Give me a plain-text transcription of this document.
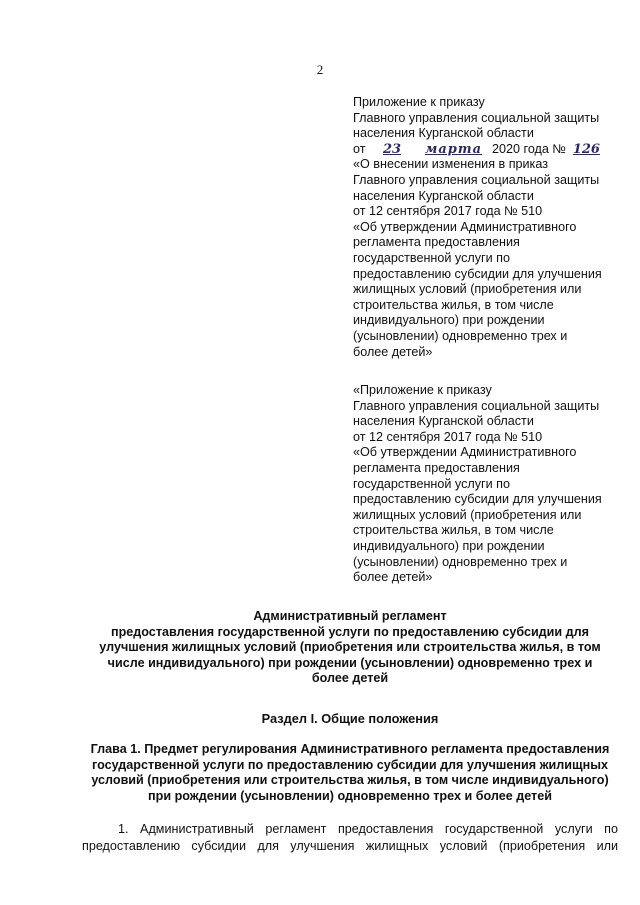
2
Приложение к приказу
Главного управления социальной защиты
населения Курганской области
от 23 марта 2020 года № 126
«О внесении изменения в приказ
Главного управления социальной защиты
населения Курганской области
от 12 сентября 2017 года № 510
«Об утверждении Административного
регламента предоставления
государственной услуги по
предоставлению субсидии для улучшения
жилищных условий (приобретения или
строительства жилья, в том числе
индивидуального) при рождении
(усыновлении) одновременно трех и
более детей»
«Приложение к приказу
Главного управления социальной защиты
населения Курганской области
от 12 сентября 2017 года № 510
«Об утверждении Административного
регламента предоставления
государственной услуги по
предоставлению субсидии для улучшения
жилищных условий (приобретения или
строительства жилья, в том числе
индивидуального) при рождении
(усыновлении) одновременно трех и
более детей»
Административный регламент
предоставления государственной услуги по предоставлению субсидии для
улучшения жилищных условий (приобретения или строительства жилья, в том
числе индивидуального) при рождении (усыновлении) одновременно трех и
более детей
Раздел I. Общие положения
Глава 1. Предмет регулирования Административного регламента предоставления
государственной услуги по предоставлению субсидии для улучшения жилищных
условий (приобретения или строительства жилья, в том числе индивидуального)
при рождении (усыновлении) одновременно трех и более детей
1. Административный регламент предоставления государственной услуги по
предоставлению субсидии для улучшения жилищных условий (приобретения или
